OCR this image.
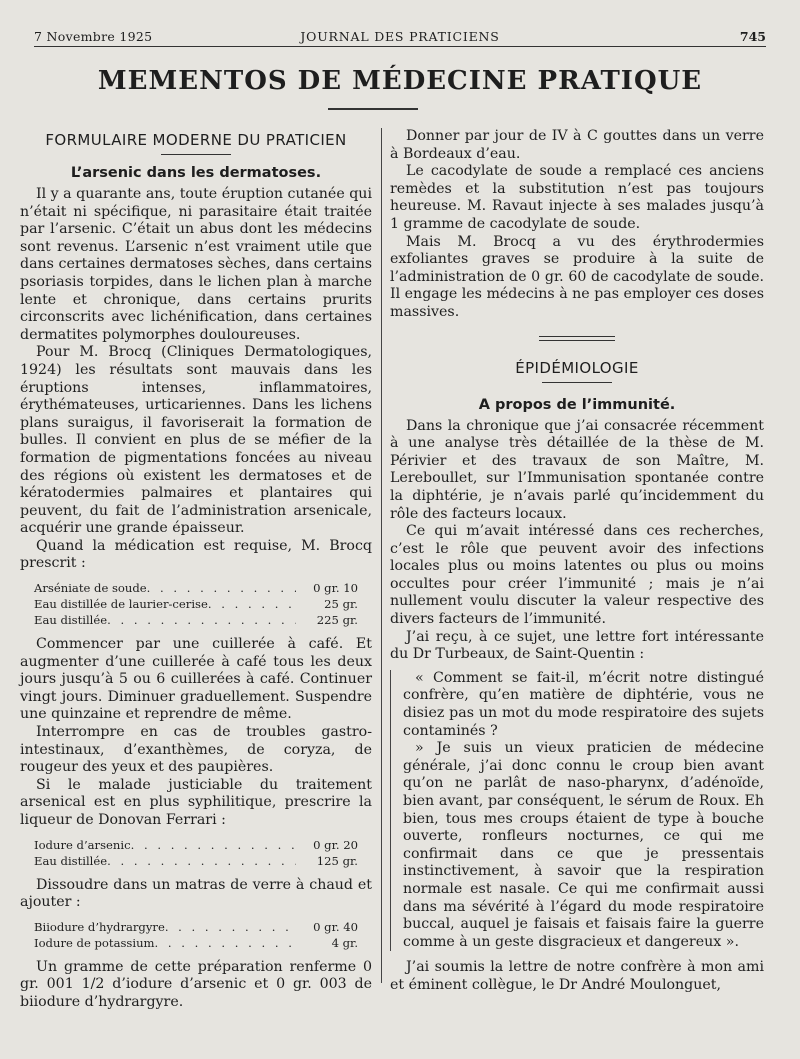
7 Novembre 1925	JOURNAL DES PRATICIENS	745
MEMENTOS DE MÉDECINE PRATIQUE
FORMULAIRE MODERNE DU PRATICIEN
L’arsenic dans les dermatoses.

Il y a quarante ans, toute éruption cutanée qui n’était ni spécifique, ni parasitaire était traitée par l’arsenic. C’était un abus dont les médecins sont revenus. L’arsenic n’est vraiment utile que dans certaines dermatoses sèches, dans certains psoriasis torpides, dans le lichen plan à marche lente et chronique, dans certains prurits circonscrits avec lichénification, dans certaines dermatites polymorphes douloureuses.

Pour M. Brocq (Cliniques Dermatologiques, 1924) les résultats sont mauvais dans les éruptions intenses, inflammatoires, érythémateuses, urticariennes. Dans les lichens plans suraigus, il favoriserait la formation de bulles. Il convient en plus de se méfier de la formation de pigmentations foncées au niveau des régions où existent les dermatoses et de kératodermies palmaires et plantaires qui peuvent, du fait de l’administration arsenicale, acquérir une grande épaisseur.

Quand la médication est requise, M. Brocq prescrit :

Arséniate de soude . . .	0 gr. 10
Eau distillée de laurier-cerise . . .	25 gr.
Eau distillée . . .	225 gr.

Commencer par une cuillerée à café. Et augmenter d’une cuillerée à café tous les deux jours jusqu’à 5 ou 6 cuillerées à café. Continuer vingt jours. Diminuer graduellement. Suspendre une quinzaine et reprendre de même.

Interrompre en cas de troubles gastro-intestinaux, d’exanthèmes, de coryza, de rougeur des yeux et des paupières.

Si le malade justiciable du traitement arsenical est en plus syphilitique, prescrire la liqueur de Donovan Ferrari :

Iodure d’arsenic . . .	0 gr. 20
Eau distillée . . .	125 gr.

Dissoudre dans un matras de verre à chaud et ajouter :

Biiodure d’hydrargyre . . .	0 gr. 40
Iodure de potassium . . .	4 gr.

Un gramme de cette préparation renferme 0 gr. 001 1/2 d’iodure d’arsenic et 0 gr. 003 de biiodure d’hydrargyre.

Donner par jour de IV à C gouttes dans un verre à Bordeaux d’eau.

Le cacodylate de soude a remplacé ces anciens remèdes et la substitution n’est pas toujours heureuse. M. Ravaut injecte à ses malades jusqu’à 1 gramme de cacodylate de soude.

Mais M. Brocq a vu des érythrodermies exfoliantes graves se produire à la suite de l’administration de 0 gr. 60 de cacodylate de soude. Il engage les médecins à ne pas employer ces doses massives.

ÉPIDÉMIOLOGIE
A propos de l’immunité.

Dans la chronique que j’ai consacrée récemment à une analyse très détaillée de la thèse de M. Périvier et des travaux de son Maître, M. Lereboullet, sur l’Immunisation spontanée contre la diphtérie, je n’avais parlé qu’incidemment du rôle des facteurs locaux.

Ce qui m’avait intéressé dans ces recherches, c’est le rôle que peuvent avoir des infections locales plus ou moins latentes ou plus ou moins occultes pour créer l’immunité ; mais je n’ai nullement voulu discuter la valeur respective des divers facteurs de l’immunité.

J’ai reçu, à ce sujet, une lettre fort intéressante du Dr Turbeaux, de Saint-Quentin :

« Comment se fait-il, m’écrit notre distingué confrère, qu’en matière de diphtérie, vous ne disiez pas un mot du mode respiratoire des sujets contaminés ?

» Je suis un vieux praticien de médecine générale, j’ai donc connu le croup bien avant qu’on ne parlât de naso-pharynx, d’adénoïde, bien avant, par conséquent, le sérum de Roux. Eh bien, tous mes croups étaient de type à bouche ouverte, ronfleurs nocturnes, ce qui me confirmait dans ce que je pressentais instinctivement, à savoir que la respiration normale est nasale. Ce qui me confirmait aussi dans ma sévérité à l’égard du mode respiratoire buccal, auquel je faisais et faisais faire la guerre comme à un geste disgracieux et dangereux ».

J’ai soumis la lettre de notre confrère à mon ami et éminent collègue, le Dr André Moulonguet,
